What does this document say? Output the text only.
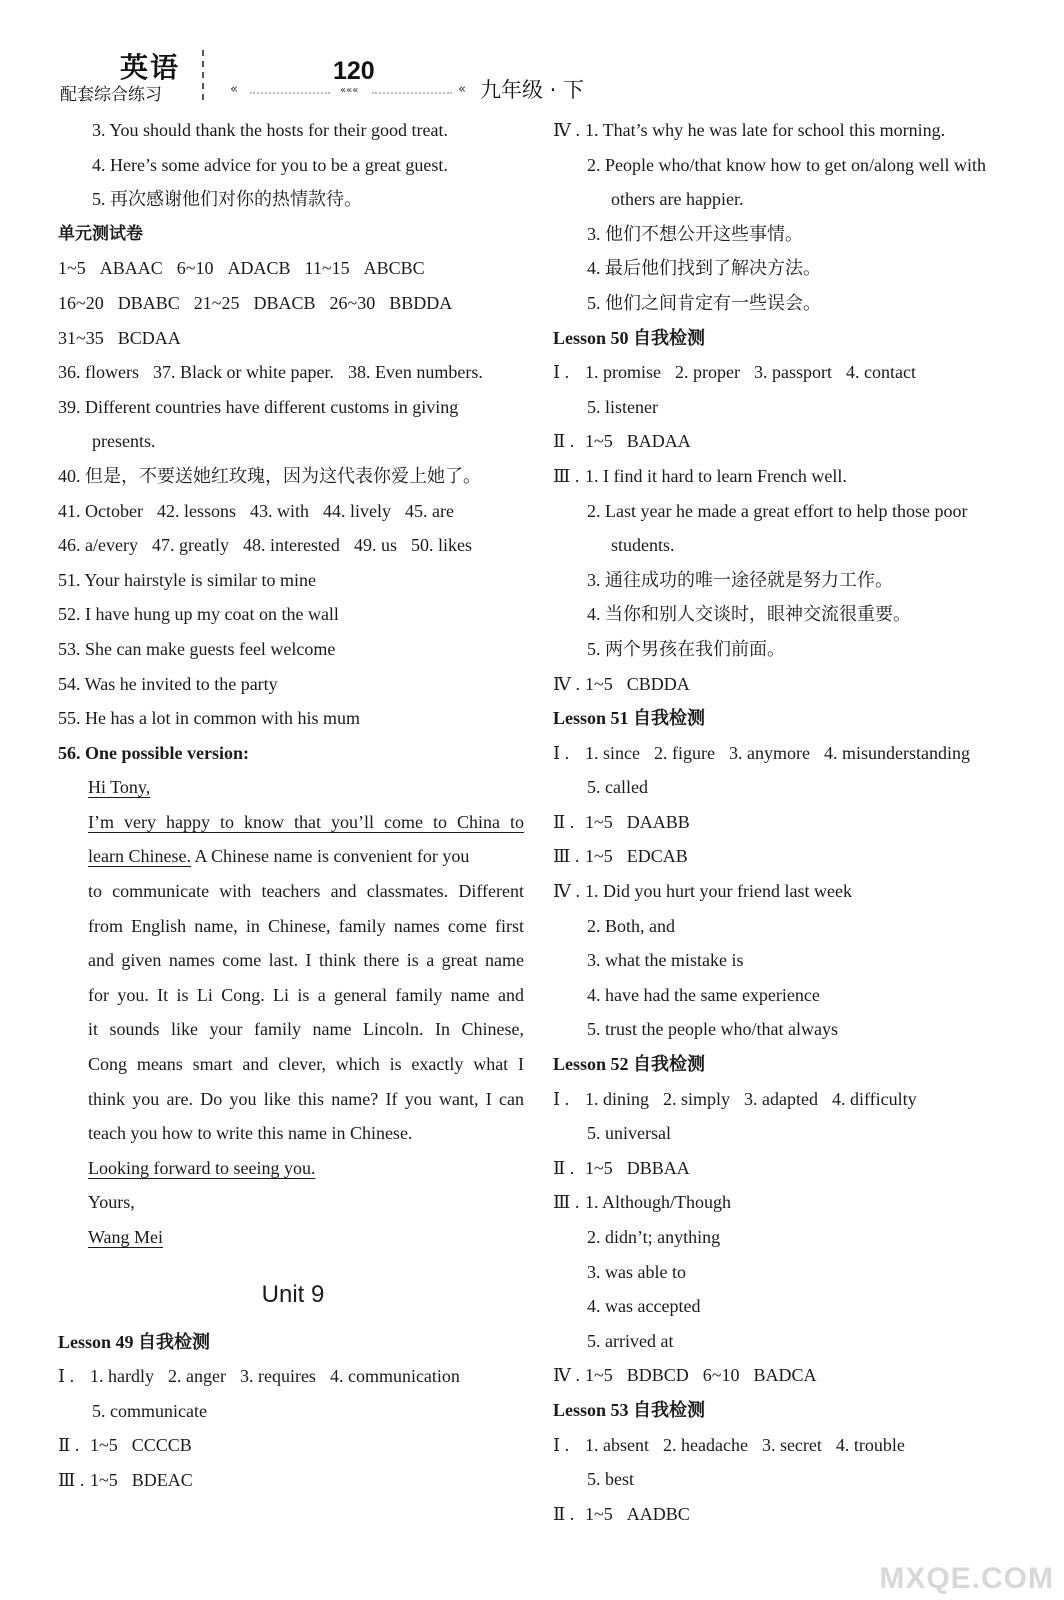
英语
配套综合练习	«
120
«««	« 九年级 · 下
3. You should thank the hosts for their good treat.
4. Here’s some advice for you to be a great guest.
5. 再次感谢他们对你的热情款待。
单元测试卷
1~5 ABAAC 6~10 ADACB 11~15 ABCBC
16~20 DBABC 21~25 DBACB 26~30 BBDDA
31~35 BCDAA
36. flowers 37. Black or white paper. 38. Even numbers.
39. Different countries have different customs in giving
presents.
40. 但是，不要送她红玫瑰，因为这代表你爱上她了。
41. October 42. lessons 43. with 44. lively 45. are
46. a/every 47. greatly 48. interested 49. us 50. likes
51. Your hairstyle is similar to mine
52. I have hung up my coat on the wall
53. She can make guests feel welcome
54. Was he invited to the party
55. He has a lot in common with his mum
56. One possible version:
Hi Tony,
I’m very happy to know that you’ll come to China to
learn Chinese. A Chinese name is convenient for you
to communicate with teachers and classmates. Different
from English name, in Chinese, family names come first
and given names come last. I think there is a great name
for you. It is Li Cong. Li is a general family name and
it sounds like your family name Lincoln. In Chinese,
Cong means smart and clever, which is exactly what I
think you are. Do you like this name? If you want, I can
teach you how to write this name in Chinese.
Looking forward to seeing you.
Yours,
Wang Mei
Unit 9
Lesson 49 自我检测
Ⅰ . 1. hardly 2. anger 3. requires 4. communication
5. communicate
Ⅱ . 1~5 CCCCB
Ⅲ . 1~5 BDEAC
Ⅳ . 1. That’s why he was late for school this morning.
2. People who/that know how to get on/along well with
others are happier.
3. 他们不想公开这些事情。
4. 最后他们找到了解决方法。
5. 他们之间肯定有一些误会。
Lesson 50 自我检测
Ⅰ . 1. promise 2. proper 3. passport 4. contact
5. listener
Ⅱ . 1~5 BADAA
Ⅲ . 1. I find it hard to learn French well.
2. Last year he made a great effort to help those poor
students.
3. 通往成功的唯一途径就是努力工作。
4. 当你和别人交谈时，眼神交流很重要。
5. 两个男孩在我们前面。
Ⅳ . 1~5 CBDDA
Lesson 51 自我检测
Ⅰ . 1. since 2. figure 3. anymore 4. misunderstanding
5. called
Ⅱ . 1~5 DAABB
Ⅲ . 1~5 EDCAB
Ⅳ . 1. Did you hurt your friend last week
2. Both, and
3. what the mistake is
4. have had the same experience
5. trust the people who/that always
Lesson 52 自我检测
Ⅰ . 1. dining 2. simply 3. adapted 4. difficulty
5. universal
Ⅱ . 1~5 DBBAA
Ⅲ . 1. Although/Though
2. didn’t; anything
3. was able to
4. was accepted
5. arrived at
Ⅳ . 1~5 BDBCD 6~10 BADCA
Lesson 53 自我检测
Ⅰ . 1. absent 2. headache 3. secret 4. trouble
5. best
Ⅱ . 1~5 AADBC
MXQE.COM
